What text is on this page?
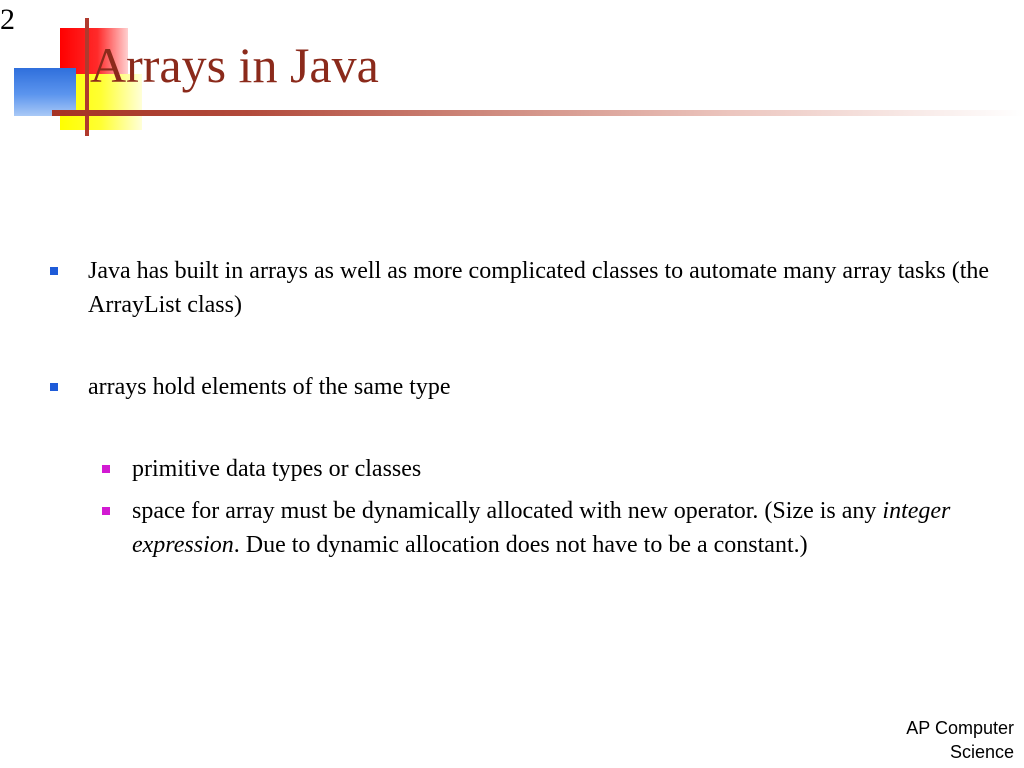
2
Arrays in Java
Java has built in arrays as well as more complicated classes to automate many array tasks (the ArrayList class)
arrays hold elements of the same type
primitive data types or classes
space for array must be dynamically allocated with new operator. (Size is any integer expression. Due to dynamic allocation does not have to be a constant.)
AP Computer
Science
